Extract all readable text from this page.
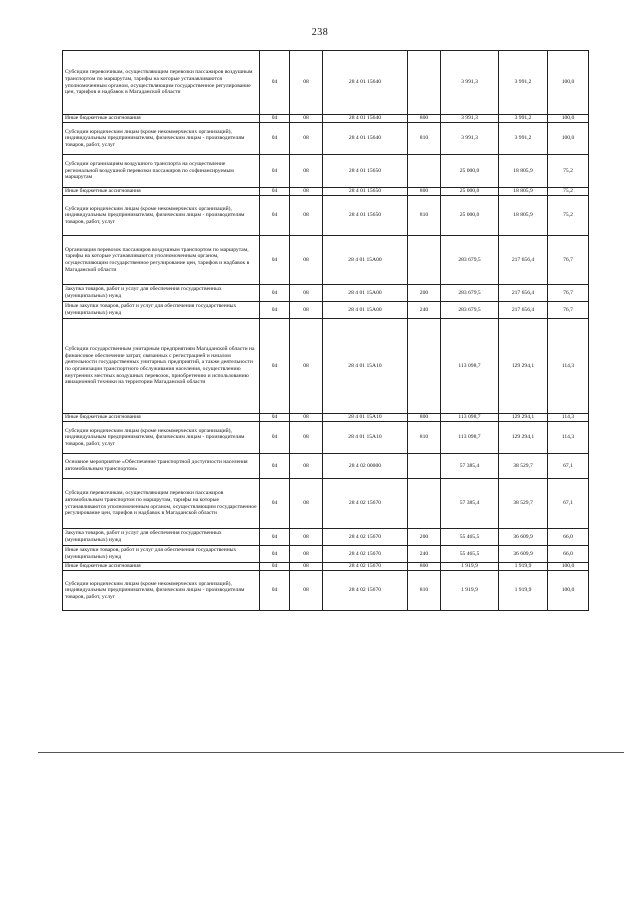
238
Субсидии перевозчикам, осуществляющим перевозки пассажиров воздушным транспортом по маршрутам, тарифы на которые устанавливаются уполномоченным органом, осуществляющим государственное регулирование цен, тарифов и надбавок в Магаданской области	04	08	28 4 01 15640		3 991,3	3 991,2	100,0
Иные бюджетные ассигнования	04	08	28 4 01 15640	800	3 991,3	3 991,2	100,0
Субсидии юридическим лицам (кроме некоммерческих организаций), индивидуальным предпринимателям, физическим лицам - производителям товаров, работ, услуг	04	08	28 4 01 15640	810	3 991,3	3 991,2	100,0
Субсидии организациям воздушного транспорта на осуществление региональной воздушной перевозки пассажиров по софинансируемым маршрутам	04	08	28 4 01 15650		25 000,0	18 805,9	75,2
Иные бюджетные ассигнования	04	08	28 4 01 15650	800	25 000,0	18 805,9	75,2
Субсидии юридическим лицам (кроме некоммерческих организаций), индивидуальным предпринимателям, физическим лицам - производителям товаров, работ, услуг	04	08	28 4 01 15650	810	25 000,0	18 805,9	75,2
Организация перевозок пассажиров воздушным транспортом по маршрутам, тарифы на которые устанавливаются уполномоченным органом, осуществляющим государственное регулирование цен, тарифов и надбавок в Магаданской области	04	08	28 4 01 15А00		283 679,5	217 656,4	76,7
Закупка товаров, работ и услуг для обеспечения государственных (муниципальных) нужд	04	08	28 4 01 15А00	200	283 679,5	217 656,4	76,7
Иные закупки товаров, работ и услуг для обеспечения государственных (муниципальных) нужд	04	08	28 4 01 15А00	240	283 679,5	217 656,4	76,7
Субсидии государственным унитарным предприятиям Магаданской области на финансовое обеспечение затрат, связанных с регистрацией и началом деятельности государственных унитарных предприятий, а также деятельности по организации транспортного обслуживания населения, осуществлению внутренних местных воздушных перевозок, приобретению и использованию авиационной техники на территории Магаданской области	04	08	28 4 01 15А10		113 098,7	129 294,1	114,3
Иные бюджетные ассигнования	04	08	28 4 01 15А10	800	113 098,7	129 294,1	114,3
Субсидии юридическим лицам (кроме некоммерческих организаций), индивидуальным предпринимателям, физическим лицам - производителям товаров, работ, услуг	04	08	28 4 01 15А10	810	113 098,7	129 294,1	114,3
Основное мероприятие «Обеспечение транспортной доступности населения автомобильным транспортом»	04	08	28 4 02 00000		57 385,4	38 529,7	67,1
Субсидии перевозчикам, осуществляющим перевозки пассажиров автомобильным транспортом по маршрутам, тарифы на которые устанавливаются уполномоченным органом, осуществляющим государственное регулирование цен, тарифов и надбавок в Магаданской области	04	08	28 4 02 15670		57 385,4	38 529,7	67,1
Закупка товаров, работ и услуг для обеспечения государственных (муниципальных) нужд	04	08	28 4 02 15670	200	55 465,5	36 609,9	66,0
Иные закупки товаров, работ и услуг для обеспечения государственных (муниципальных) нужд	04	08	28 4 02 15670	240	55 465,5	36 609,9	66,0
Иные бюджетные ассигнования	04	08	28 4 02 15670	800	1 919,9	1 919,9	100,0
Субсидии юридическим лицам (кроме некоммерческих организаций), индивидуальным предпринимателям, физическим лицам - производителям товаров, работ, услуг	04	08	28 4 02 15670	810	1 919,9	1 919,9	100,0
